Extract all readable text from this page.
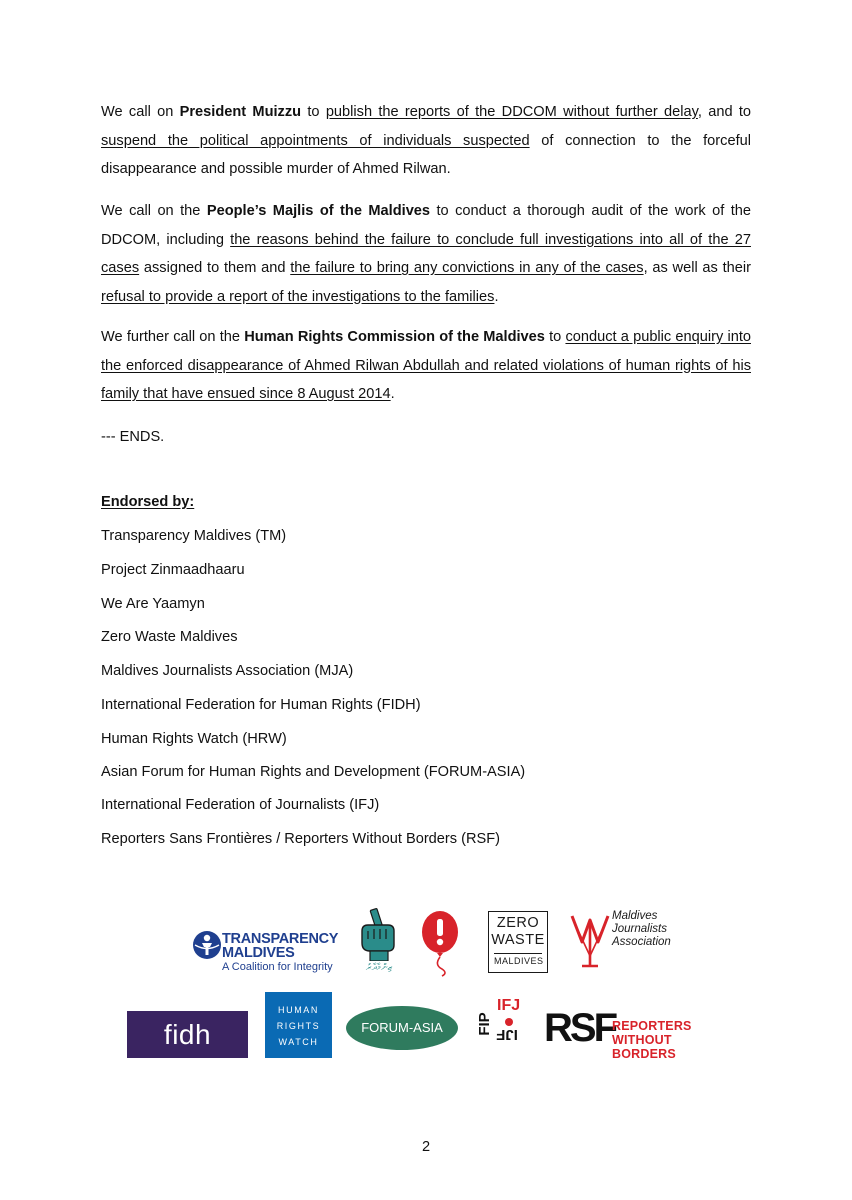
We call on President Muizzu to publish the reports of the DDCOM without further delay, and to suspend the political appointments of individuals suspected of connection to the forceful disappearance and possible murder of Ahmed Rilwan.
We call on the People’s Majlis of the Maldives to conduct a thorough audit of the work of the DDCOM, including the reasons behind the failure to conclude full investigations into all of the 27 cases assigned to them and the failure to bring any convictions in any of the cases, as well as their refusal to provide a report of the investigations to the families.
We further call on the Human Rights Commission of the Maldives to conduct a public enquiry into the enforced disappearance of Ahmed Rilwan Abdullah and related violations of human rights of his family that have ensued since 8 August 2014.
--- ENDS.
Endorsed by:
Transparency Maldives (TM)
Project Zinmaadhaaru
We Are Yaamyn
Zero Waste Maldives
Maldives Journalists Association (MJA)
International Federation for Human Rights (FIDH)
Human Rights Watch (HRW)
Asian Forum for Human Rights and Development (FORUM-ASIA)
International Federation of Journalists (IFJ)
Reporters Sans Frontières / Reporters Without Borders (RSF)
TRANSPARENCY
MALDIVES
A Coalition for Integrity	ޒިންމާދާރު
ZERO
WASTE
MALDIVES
Maldives
Journalists
Association
fidh
HUMAN
RIGHTS
WATCH
FORUM-ASIA
IFJ
FIP IJF RSF
REPORTERS
WITHOUT BORDERS
2
